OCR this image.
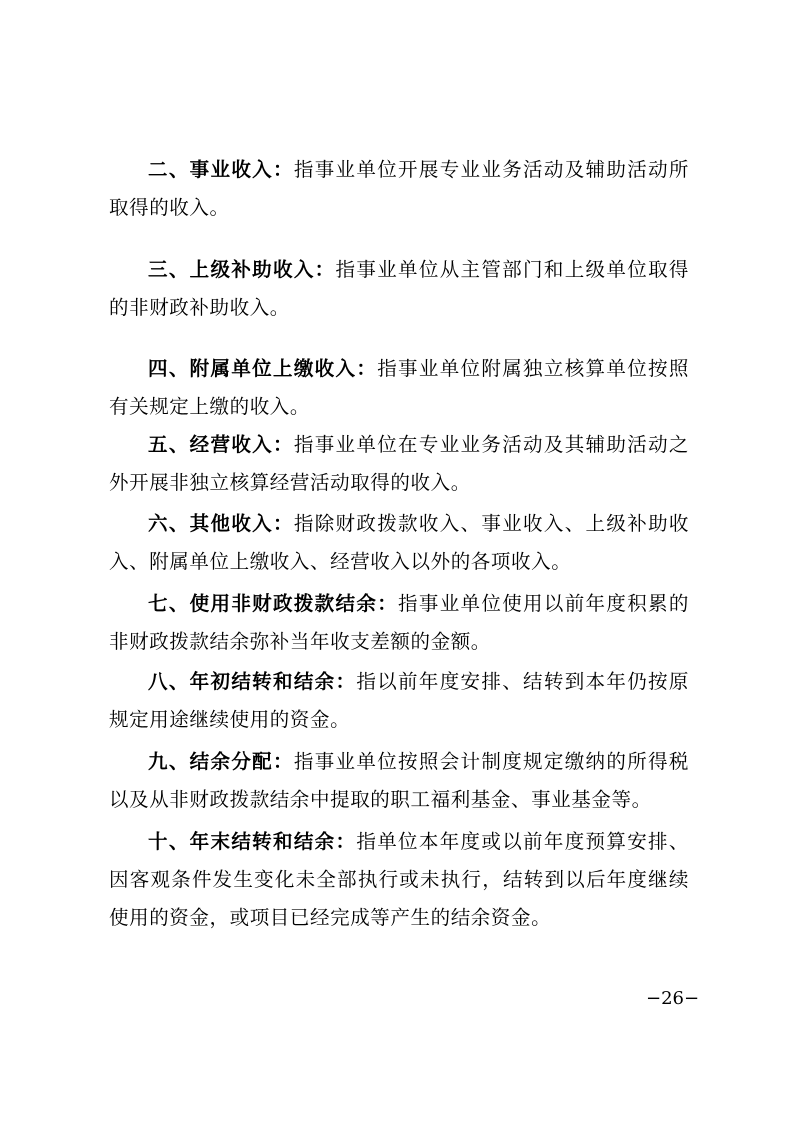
二、事业收入：指事业单位开展专业业务活动及辅助活动所取得的收入。

三、上级补助收入：指事业单位从主管部门和上级单位取得的非财政补助收入。

四、附属单位上缴收入：指事业单位附属独立核算单位按照有关规定上缴的收入。

五、经营收入：指事业单位在专业业务活动及其辅助活动之外开展非独立核算经营活动取得的收入。

六、其他收入：指除财政拨款收入、事业收入、上级补助收入、附属单位上缴收入、经营收入以外的各项收入。

七、使用非财政拨款结余：指事业单位使用以前年度积累的非财政拨款结余弥补当年收支差额的金额。

八、年初结转和结余：指以前年度安排、结转到本年仍按原规定用途继续使用的资金。

九、结余分配：指事业单位按照会计制度规定缴纳的所得税以及从非财政拨款结余中提取的职工福利基金、事业基金等。

十、年末结转和结余：指单位本年度或以前年度预算安排、因客观条件发生变化未全部执行或未执行，结转到以后年度继续使用的资金，或项目已经完成等产生的结余资金。

−26−
